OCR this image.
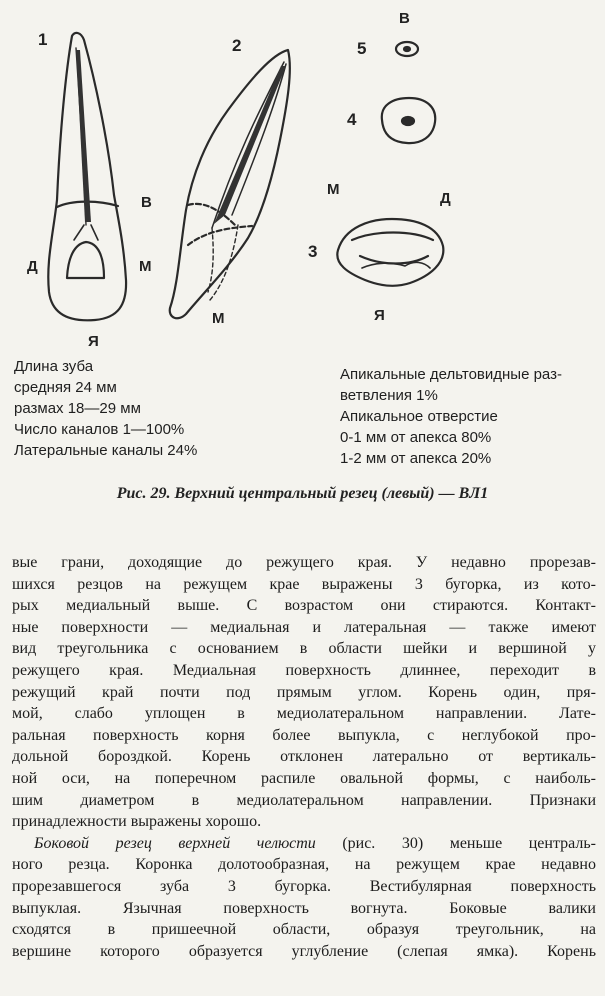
1	2	5
4
3
В
В
Д	М
Я
М
М
Д
Я
Длина зуба
средняя 24 мм
размах 18—29 мм
Число каналов 1—100%
Латеральные каналы 24%
Апикальные дельтовидные раз-
ветвления 1%
Апикальное отверстие
0-1 мм от апекса 80%
1-2 мм от апекса 20%
Рис. 29. Верхний центральный резец (левый) — ВЛ1
вые грани, доходящие до режущего края. У недавно прорезав-
шихся резцов на режущем крае выражены 3 бугорка, из кото-
рых медиальный выше. С возрастом они стираются. Контакт-
ные поверхности — медиальная и латеральная — также имеют
вид треугольника с основанием в области шейки и вершиной у
режущего края. Медиальная поверхность длиннее, переходит в
режущий край почти под прямым углом. Корень один, пря-
мой, слабо уплощен в медиолатеральном направлении. Лате-
ральная поверхность корня более выпукла, с неглубокой про-
дольной бороздкой. Корень отклонен латерально от вертикаль-
ной оси, на поперечном распиле овальной формы, с наиболь-
шим диаметром в медиолатеральном направлении. Признаки
принадлежности выражены хорошо.
Боковой резец верхней челюсти (рис. 30) меньше централь-
ного резца. Коронка долотообразная, на режущем крае недавно
прорезавшегося зуба 3 бугорка. Вестибулярная поверхность
выпуклая. Язычная поверхность вогнута. Боковые валики
сходятся в пришеечной области, образуя треугольник, на
вершине которого образуется углубление (слепая ямка). Корень
